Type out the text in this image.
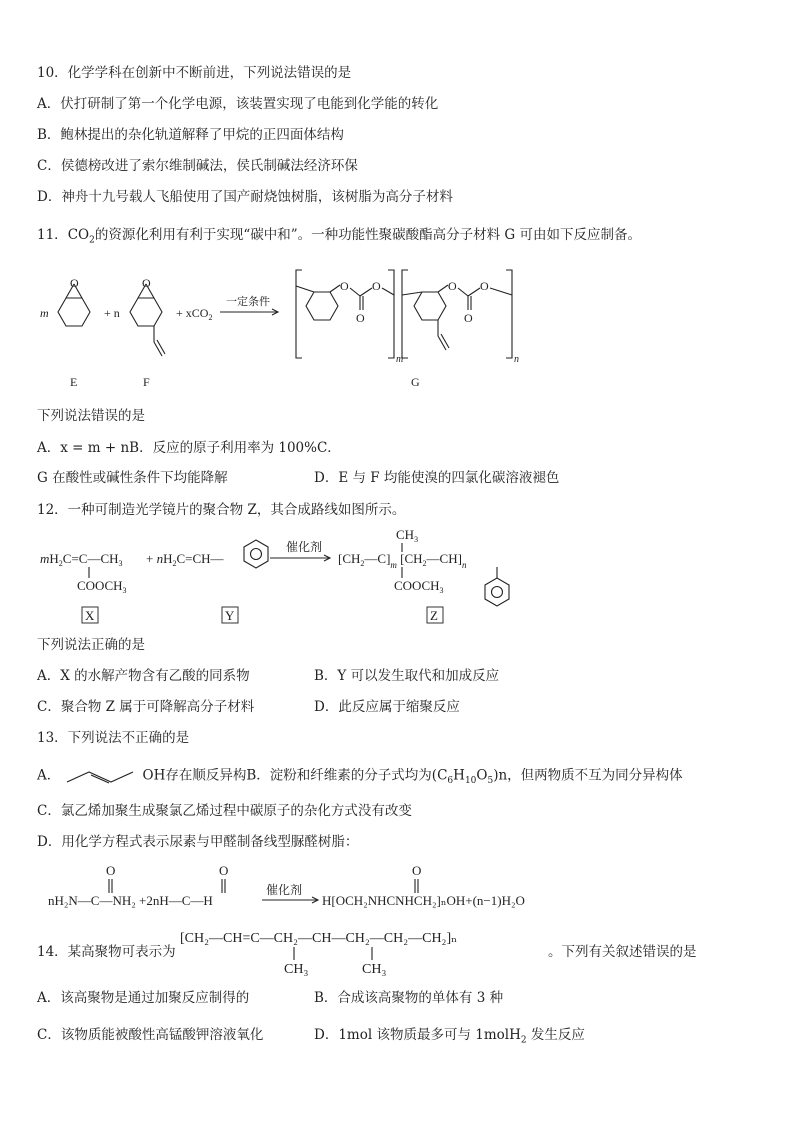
10．化学学科在创新中不断前进，下列说法错误的是
A．伏打研制了第一个化学电源，该装置实现了电能到化学能的转化
B．鲍林提出的杂化轨道解释了甲烷的正四面体结构
C．侯德榜改进了索尔维制碱法，侯氏制碱法经济环保
D．神舟十九号载人飞船使用了国产耐烧蚀树脂，该树脂为高分子材料
11．$CO_2$的资源化利用有利于实现“碳中和”。一种功能性聚碳酸酯高分子材料 G 可由如下反应制备。
m
O
+ n
O
+ xCO$_2$
一定条件
O O
O
O O
O
m	n
E	F	G
下列说法错误的是
A．x = m + nB．反应的原子利用率为 100%C．
G 在酸性或碱性条件下均能降解	D．E 与 F 均能使溴的四氯化碳溶液褪色
12．一种可制造光学镜片的聚合物 Z，其合成路线如图所示。
$mH_2C=C—CH_3$
$COOCH_3$
+ $nH_2C=CH—$
催化剂
$CH_3$
$[CH_2—C]_m$ $[CH_2—CH]_n$
$COOCH_3$
X	Y	Z
下列说法正确的是
A．X 的水解产物含有乙酸的同系物	B．Y 可以发生取代和加成反应
C．聚合物 Z 属于可降解高分子材料	D．此反应属于缩聚反应
13．下列说法不正确的是
A．	OH存在顺反异构B．淀粉和纤维素的分子式均为$(C_6H_{10}O_5)n$，但两物质不互为同分异构体
C．氯乙烯加聚生成聚氯乙烯过程中碳原子的杂化方式没有改变
D．用化学方程式表示尿素与甲醛制备线型脲醛树脂：
O	O	O
nH₂N—C—NH₂ +2nH—C—H
催化剂
H[OCH₂NHCNHCH₂]ₙOH+(n−1)H₂O
14．某高聚物可表示为
[CH₂—CH=C—CH₂—CH—CH₂—CH₂—CH₂]ₙ
CH₃	CH₃
。下列有关叙述错误的是
A．该高聚物是通过加聚反应制得的	B．合成该高聚物的单体有 3 种
C．该物质能被酸性高锰酸钾溶液氧化	D．1mol 该物质最多可与 1molH$_2$ 发生反应
